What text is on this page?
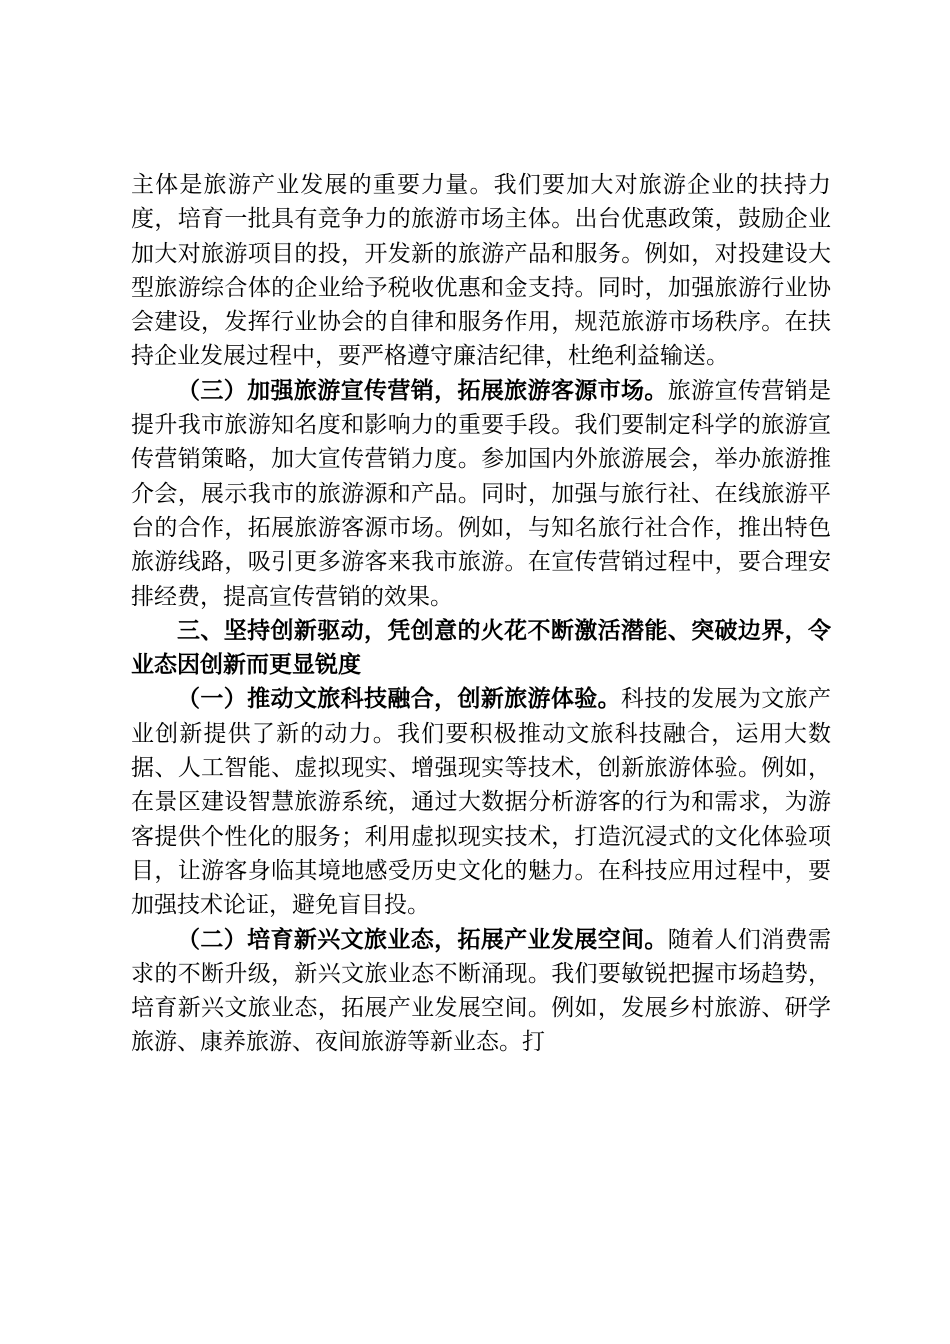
主体是旅游产业发展的重要力量。我们要加大对旅游企业的扶持力度，培育一批具有竞争力的旅游市场主体。出台优惠政策，鼓励企业加大对旅游项目的投，开发新的旅游产品和服务。例如，对投建设大型旅游综合体的企业给予税收优惠和金支持。同时，加强旅游行业协会建设，发挥行业协会的自律和服务作用，规范旅游市场秩序。在扶持企业发展过程中，要严格遵守廉洁纪律，杜绝利益输送。

（三）加强旅游宣传营销，拓展旅游客源市场。旅游宣传营销是提升我市旅游知名度和影响力的重要手段。我们要制定科学的旅游宣传营销策略，加大宣传营销力度。参加国内外旅游展会，举办旅游推介会，展示我市的旅游源和产品。同时，加强与旅行社、在线旅游平台的合作，拓展旅游客源市场。例如，与知名旅行社合作，推出特色旅游线路，吸引更多游客来我市旅游。在宣传营销过程中，要合理安排经费，提高宣传营销的效果。

三、坚持创新驱动，凭创意的火花不断激活潜能、突破边界，令业态因创新而更显锐度

（一）推动文旅科技融合，创新旅游体验。科技的发展为文旅产业创新提供了新的动力。我们要积极推动文旅科技融合，运用大数据、人工智能、虚拟现实、增强现实等技术，创新旅游体验。例如，在景区建设智慧旅游系统，通过大数据分析游客的行为和需求，为游客提供个性化的服务；利用虚拟现实技术，打造沉浸式的文化体验项目，让游客身临其境地感受历史文化的魅力。在科技应用过程中，要加强技术论证，避免盲目投。

（二）培育新兴文旅业态，拓展产业发展空间。随着人们消费需求的不断升级，新兴文旅业态不断涌现。我们要敏锐把握市场趋势，培育新兴文旅业态，拓展产业发展空间。例如，发展乡村旅游、研学旅游、康养旅游、夜间旅游等新业态。打
